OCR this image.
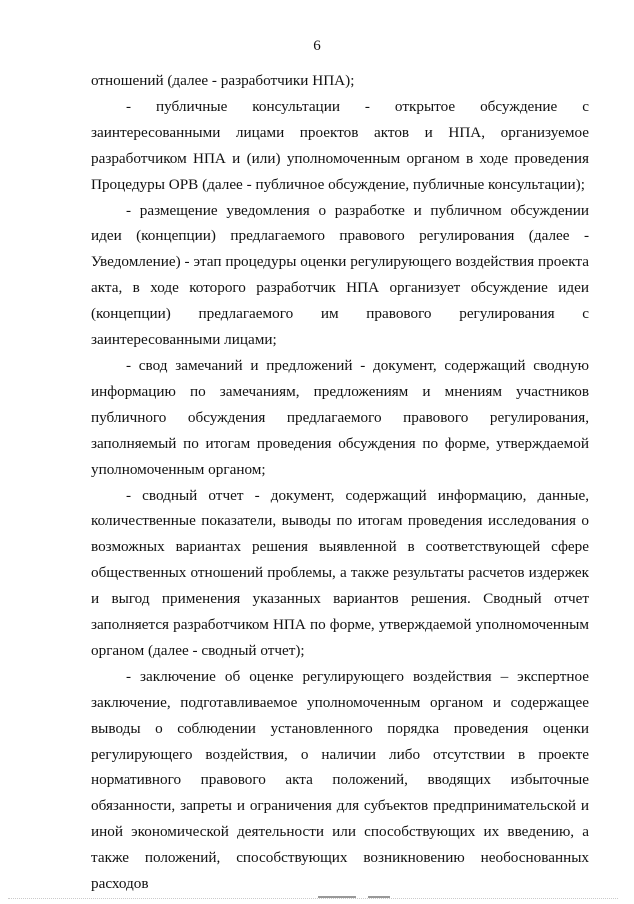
6

отношений (далее - разработчики НПА);

- публичные консультации - открытое обсуждение с заинтересованными лицами проектов актов и НПА, организуемое разработчиком НПА и (или) уполномоченным органом в ходе проведения Процедуры ОРВ (далее - публичное обсуждение, публичные консультации);

- размещение уведомления о разработке и публичном обсуждении идеи (концепции) предлагаемого правового регулирования (далее - Уведомление) - этап процедуры оценки регулирующего воздействия проекта акта, в ходе которого разработчик НПА организует обсуждение идеи (концепции) предлагаемого им правового регулирования с заинтересованными лицами;

- свод замечаний и предложений - документ, содержащий сводную информацию по замечаниям, предложениям и мнениям участников публичного обсуждения предлагаемого правового регулирования, заполняемый по итогам проведения обсуждения по форме, утверждаемой уполномоченным органом;

- сводный отчет - документ, содержащий информацию, данные, количественные показатели, выводы по итогам проведения исследования о возможных вариантах решения выявленной в соответствующей сфере общественных отношений проблемы, а также результаты расчетов издержек и выгод применения указанных вариантов решения. Сводный отчет заполняется разработчиком НПА по форме, утверждаемой уполномоченным органом (далее - сводный отчет);

- заключение об оценке регулирующего воздействия – экспертное заключение, подготавливаемое уполномоченным органом и содержащее выводы о соблюдении установленного порядка проведения оценки регулирующего воздействия, о наличии либо отсутствии в проекте нормативного правового акта положений, вводящих избыточные обязанности, запреты и ограничения для субъектов предпринимательской и иной экономической деятельности или способствующих их введению, а также положений, способствующих возникновению необоснованных расходов
